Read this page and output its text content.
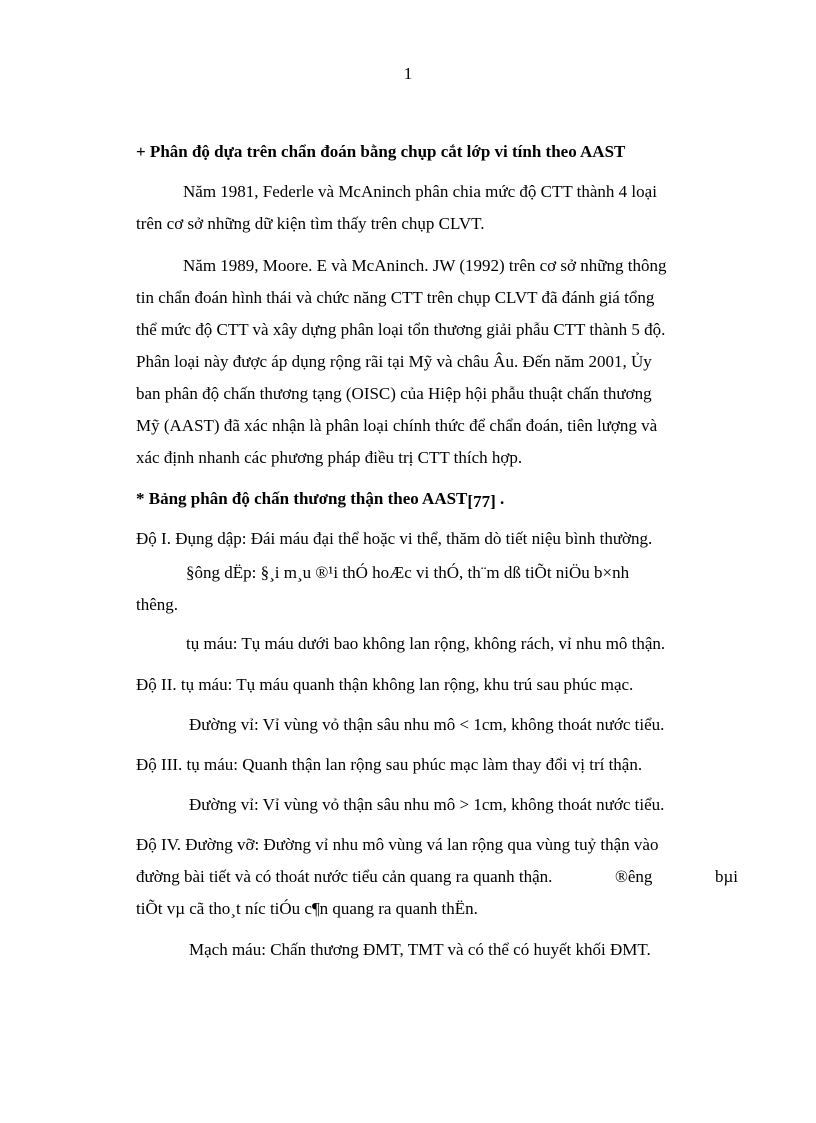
1
+ Phân độ dựa trên chẩn đoán bằng chụp cắt lớp vi tính theo AAST
Năm 1981, Federle và McAninch phân chia mức độ CTT thành 4 loại
trên cơ sở những dữ kiện tìm thấy trên chụp CLVT.
Năm 1989, Moore. E và McAninch. JW (1992) trên cơ sở những thông
tin chẩn đoán hình thái và chức năng CTT trên chụp CLVT đã đánh giá tổng
thể mức độ CTT và xây dựng phân loại tổn thương giải phẫu CTT thành 5 độ.
Phân loại này được áp dụng rộng rãi tại Mỹ và châu Âu. Đến năm 2001, Ủy
ban phân độ chấn thương tạng (OISC) của Hiệp hội phẫu thuật chấn thương
Mỹ (AAST) đã xác nhận là phân loại chính thức để chẩn đoán, tiên lượng và
xác định nhanh các phương pháp điều trị CTT thích hợp.
* Bảng phân độ chấn thương thận theo AAST[77] .
Độ I. Đụng dập: Đái máu đại thể hoặc vi thể, thăm dò tiết niệu bình thường.
§ông dËp: §¸i m¸u ®¹i thÓ hoÆc vi thÓ, th¨m dß tiÕt niÖu b×nh
thêng.
tụ máu: Tụ máu dưới bao không lan rộng, không rách, vỉ nhu mô thận.
Độ II. tụ máu: Tụ máu quanh thận không lan rộng, khu trú sau phúc mạc.
Đường vỉ: Vỉ vùng vỏ thận sâu nhu mô < 1cm, không thoát nước tiểu.
Độ III. tụ máu: Quanh thận lan rộng sau phúc mạc làm thay đổi vị trí thận.
Đường vỉ: Vỉ vùng vỏ thận sâu nhu mô > 1cm, không thoát nước tiểu.
Độ IV. Đường vỡ: Đường vỉ nhu mô vùng vá lan rộng qua vùng tuỷ thận vào
đường bài tiết và có thoát nước tiểu cản quang ra quanh thận.	®êng	bµi
tiÕt vµ cã tho¸t níc tiÓu c¶n quang ra quanh thËn.
Mạch máu: Chấn thương ĐMT, TMT và có thể có huyết khối ĐMT.
